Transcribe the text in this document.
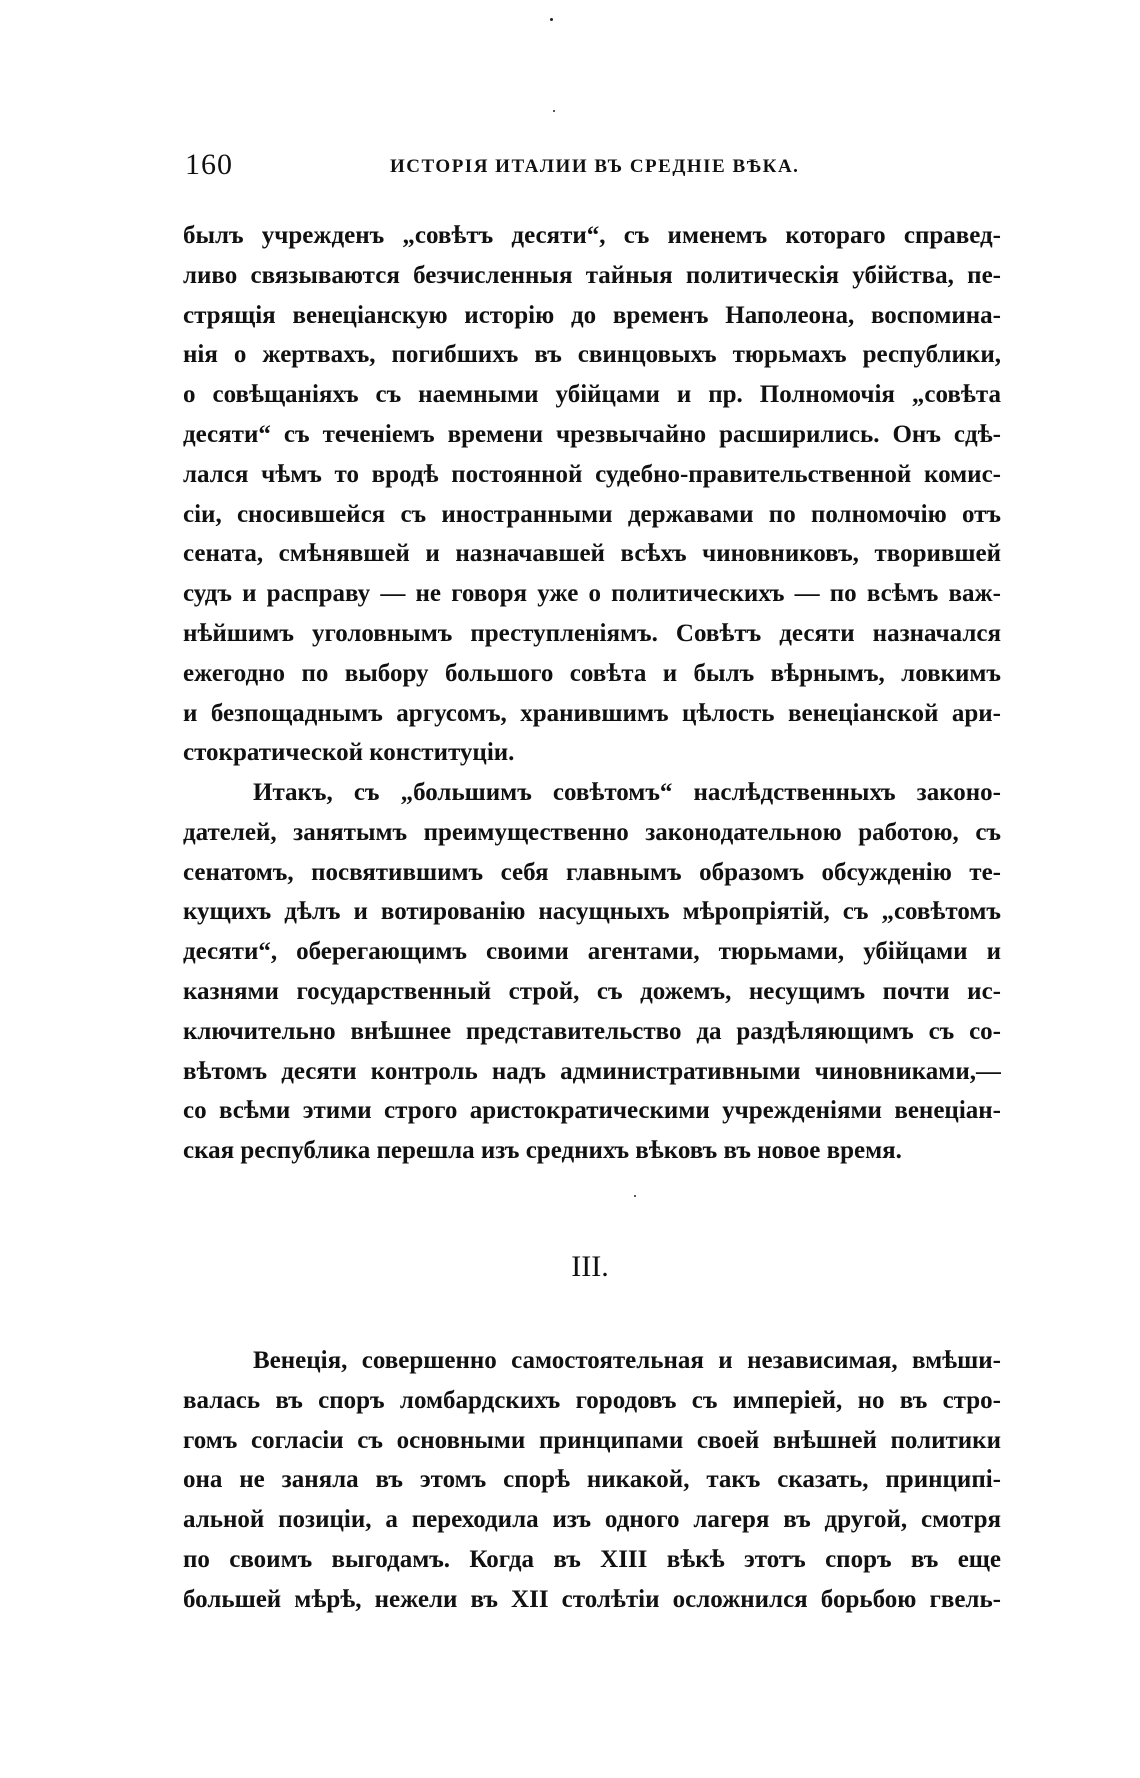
160	ИСТОРІЯ ИТАЛИИ ВЪ СРЕДНІЕ ВѢКА.
былъ учрежденъ „совѣтъ десяти“, съ именемъ котораго справед-
ливо связываются безчисленныя тайныя политическія убійства, пе-
стрящія венеціанскую исторію до временъ Наполеона, воспомина-
нія о жертвахъ, погибшихъ въ свинцовыхъ тюрьмахъ республики,
о совѣщаніяхъ съ наемными убійцами и пр. Полномочія „совѣта
десяти“ съ теченіемъ времени чрезвычайно расширились. Онъ сдѣ-
лался чѣмъ то вродѣ постоянной судебно-правительственной комис-
сіи, сносившейся съ иностранными державами по полномочію отъ
сената, смѣнявшей и назначавшей всѣхъ чиновниковъ, творившей
судъ и расправу — не говоря уже о политическихъ — по всѣмъ важ-
нѣйшимъ уголовнымъ преступленіямъ. Совѣтъ десяти назначался
ежегодно по выбору большого совѣта и былъ вѣрнымъ, ловкимъ
и безпощаднымъ аргусомъ, хранившимъ цѣлость венеціанской ари-
стократической конституціи.
Итакъ, съ „большимъ совѣтомъ“ наслѣдственныхъ законо-
дателей, занятымъ преимущественно законодательною работою, съ
сенатомъ, посвятившимъ себя главнымъ образомъ обсужденію те-
кущихъ дѣлъ и вотированію насущныхъ мѣропріятій, съ „совѣтомъ
десяти“, оберегающимъ своими агентами, тюрьмами, убійцами и
казнями государственный строй, съ дожемъ, несущимъ почти ис-
ключительно внѣшнее представительство да раздѣляющимъ съ со-
вѣтомъ десяти контроль надъ административными чиновниками,—
со всѣми этими строго аристократическими учрежденіями венеціан-
ская республика перешла изъ среднихъ вѣковъ въ новое время.
III.
Венеція, совершенно самостоятельная и независимая, вмѣши-
валась въ споръ ломбардскихъ городовъ съ имперіей, но въ стро-
гомъ согласіи съ основными принципами своей внѣшней политики
она не заняла въ этомъ спорѣ никакой, такъ сказать, принципі-
альной позиціи, а переходила изъ одного лагеря въ другой, смотря
по своимъ выгодамъ. Когда въ XIII вѣкѣ этотъ споръ въ еще
большей мѣрѣ, нежели въ XII столѣтіи осложнился борьбою гвель-
